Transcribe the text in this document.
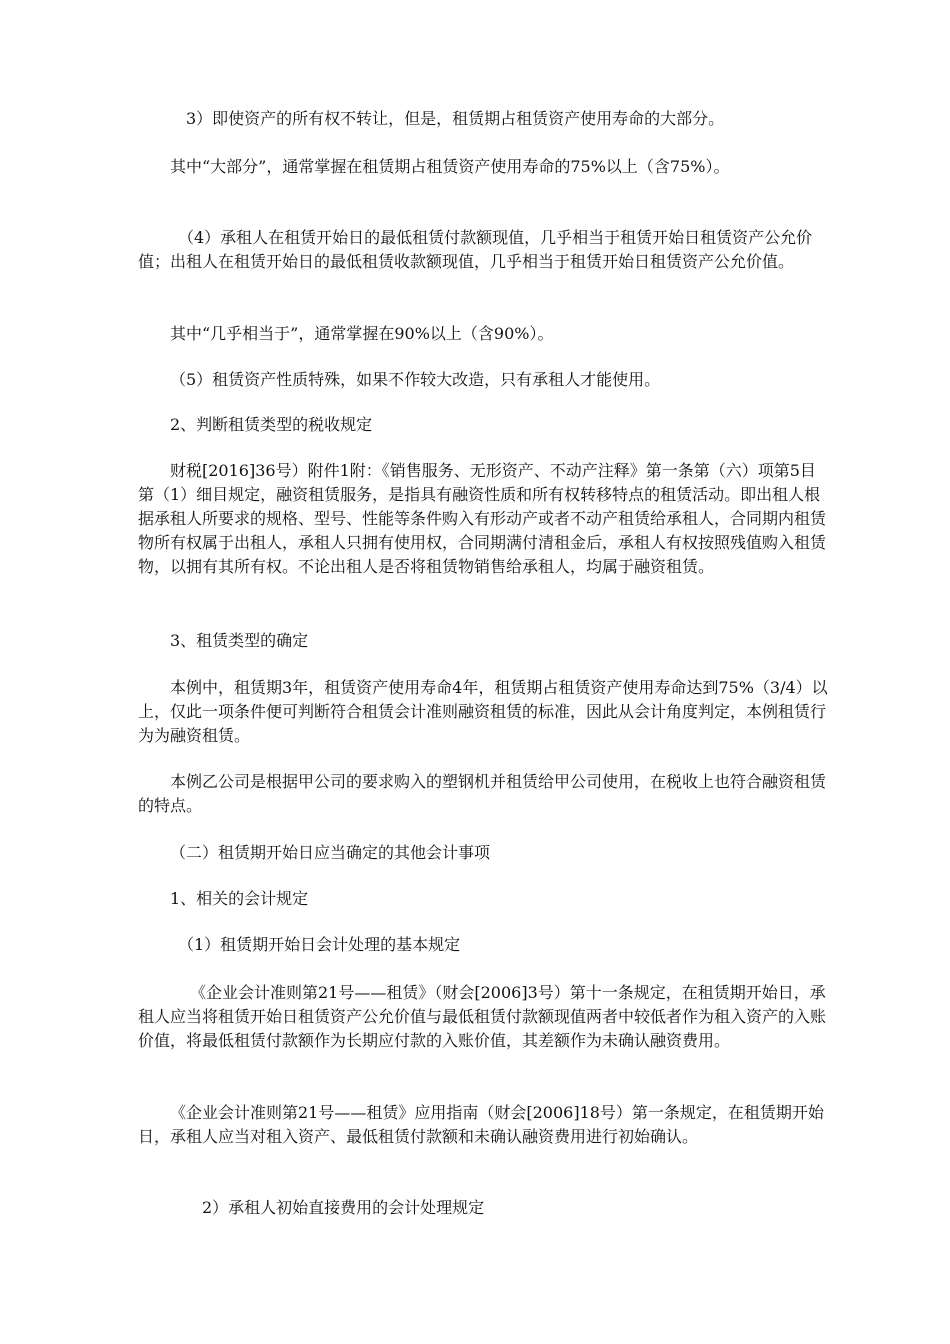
3）即使资产的所有权不转让，但是，租赁期占租赁资产使用寿命的大部分。

其中“大部分”，通常掌握在租赁期占租赁资产使用寿命的75%以上（含75%）。

（4）承租人在租赁开始日的最低租赁付款额现值，几乎相当于租赁开始日租赁资产公允价值；出租人在租赁开始日的最低租赁收款额现值，几乎相当于租赁开始日租赁资产公允价值。

其中“几乎相当于”，通常掌握在90%以上（含90%）。

（5）租赁资产性质特殊，如果不作较大改造，只有承租人才能使用。

2、判断租赁类型的税收规定

财税[2016]36号）附件1附：《销售服务、无形资产、不动产注释》第一条第（六）项第5目第（1）细目规定，融资租赁服务，是指具有融资性质和所有权转移特点的租赁活动。即出租人根据承租人所要求的规格、型号、性能等条件购入有形动产或者不动产租赁给承租人，合同期内租赁物所有权属于出租人，承租人只拥有使用权，合同期满付清租金后，承租人有权按照残值购入租赁物，以拥有其所有权。不论出租人是否将租赁物销售给承租人，均属于融资租赁。

3、租赁类型的确定

本例中，租赁期3年，租赁资产使用寿命4年，租赁期占租赁资产使用寿命达到75%（3/4）以上，仅此一项条件便可判断符合租赁会计准则融资租赁的标准，因此从会计角度判定，本例租赁行为为融资租赁。

本例乙公司是根据甲公司的要求购入的塑钢机并租赁给甲公司使用，在税收上也符合融资租赁的特点。

（二）租赁期开始日应当确定的其他会计事项

1、相关的会计规定

（1）租赁期开始日会计处理的基本规定

《企业会计准则第21号——租赁》（财会[2006]3号）第十一条规定，在租赁期开始日，承租人应当将租赁开始日租赁资产公允价值与最低租赁付款额现值两者中较低者作为租入资产的入账价值，将最低租赁付款额作为长期应付款的入账价值，其差额作为未确认融资费用。

《企业会计准则第21号——租赁》应用指南（财会[2006]18号）第一条规定，在租赁期开始日，承租人应当对租入资产、最低租赁付款额和未确认融资费用进行初始确认。

2）承租人初始直接费用的会计处理规定
